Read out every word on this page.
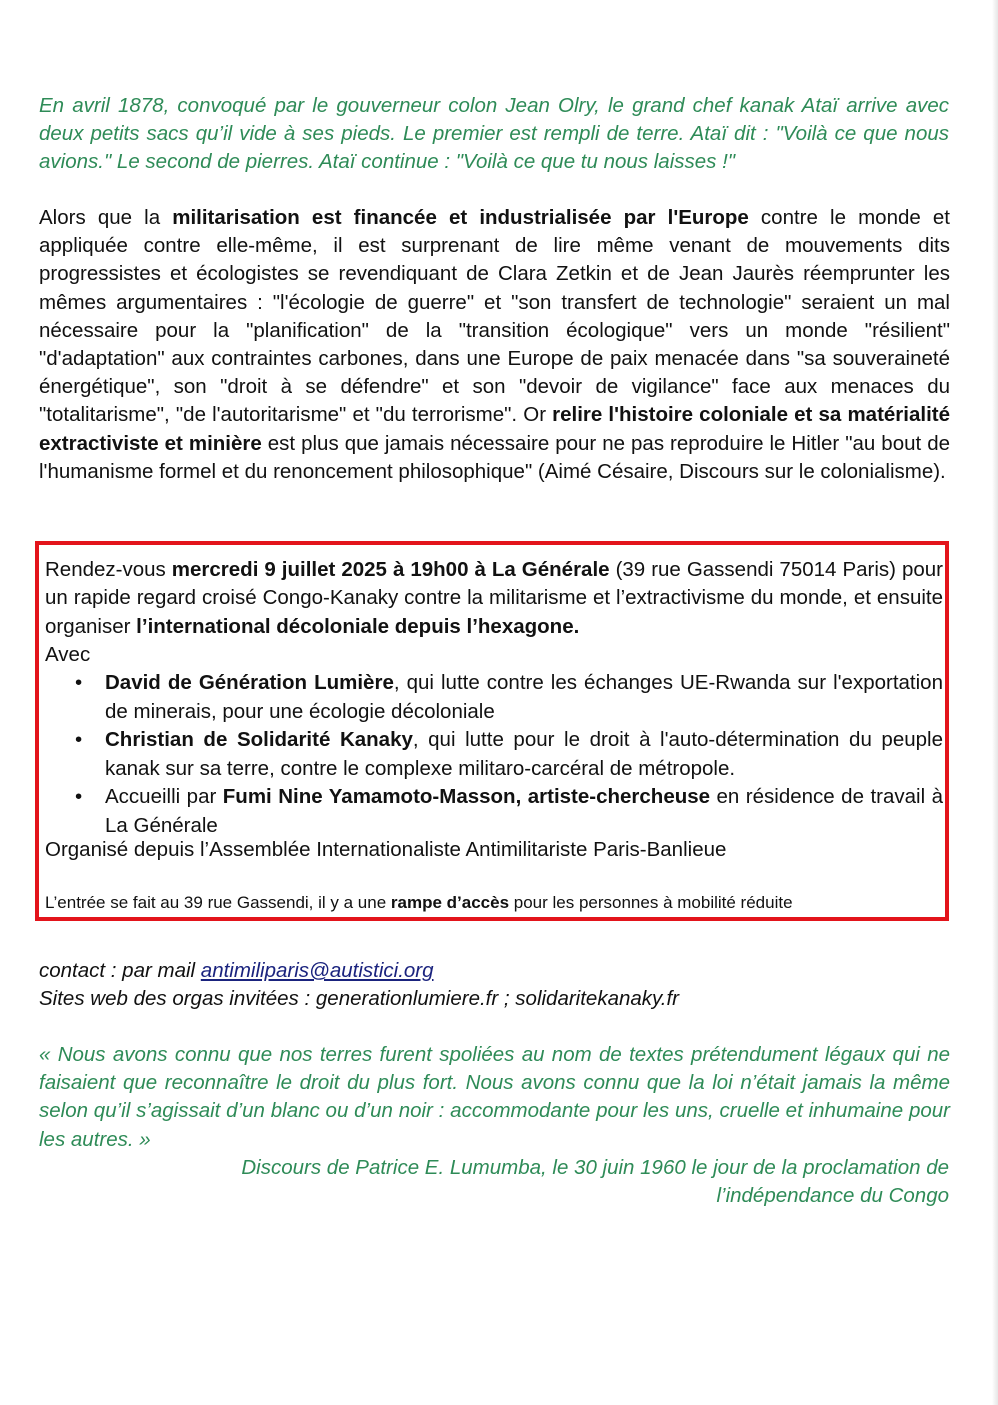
En avril 1878, convoqué par le gouverneur colon Jean Olry, le grand chef kanak Ataï arrive avec deux petits sacs qu’il vide à ses pieds. Le premier est rempli de terre. Ataï dit : "Voilà ce que nous avions." Le second de pierres. Ataï continue : "Voilà ce que tu nous laisses !"

Alors que la militarisation est financée et industrialisée par l'Europe contre le monde et appliquée contre elle-même, il est surprenant de lire même venant de mouvements dits progressistes et écologistes se revendiquant de Clara Zetkin et de Jean Jaurès réemprunter les mêmes argumentaires : "l'écologie de guerre" et "son transfert de technologie" seraient un mal nécessaire pour la "planification" de la "transition écologique" vers un monde "résilient" "d'adaptation" aux contraintes carbones, dans une Europe de paix menacée dans "sa souveraineté énergétique", son "droit à se défendre" et son "devoir de vigilance" face aux menaces du "totalitarisme", "de l'autoritarisme" et "du terrorisme". Or relire l'histoire coloniale et sa matérialité extractiviste et minière est plus que jamais nécessaire pour ne pas reproduire le Hitler "au bout de l'humanisme formel et du renoncement philosophique" (Aimé Césaire, Discours sur le colonialisme).

Rendez-vous mercredi 9 juillet 2025 à 19h00 à La Générale (39 rue Gassendi 75014 Paris) pour un rapide regard croisé Congo-Kanaky contre la militarisme et l’extractivisme du monde, et ensuite organiser l’international décoloniale depuis l’hexagone.

Avec

• David de Génération Lumière, qui lutte contre les échanges UE-Rwanda sur l'exportation de minerais, pour une écologie décoloniale
• Christian de Solidarité Kanaky, qui lutte pour le droit à l'auto-détermination du peuple kanak sur sa terre, contre le complexe militaro-carcéral de métropole.
• Accueilli par Fumi Nine Yamamoto-Masson, artiste-chercheuse en résidence de travail à La Générale

Organisé depuis l’Assemblée Internationaliste Antimilitariste Paris-Banlieue

L’entrée se fait au 39 rue Gassendi, il y a une rampe d’accès pour les personnes à mobilité réduite

contact : par mail antimiliparis@autistici.org
Sites web des orgas invitées : generationlumiere.fr ; solidaritekanaky.fr

« Nous avons connu que nos terres furent spoliées au nom de textes prétendument légaux qui ne faisaient que reconnaître le droit du plus fort. Nous avons connu que la loi n’était jamais la même selon qu’il s’agissait d’un blanc ou d’un noir : accommodante pour les uns, cruelle et inhumaine pour les autres. »

Discours de Patrice E. Lumumba, le 30 juin 1960 le jour de la proclamation de
l’indépendance du Congo
